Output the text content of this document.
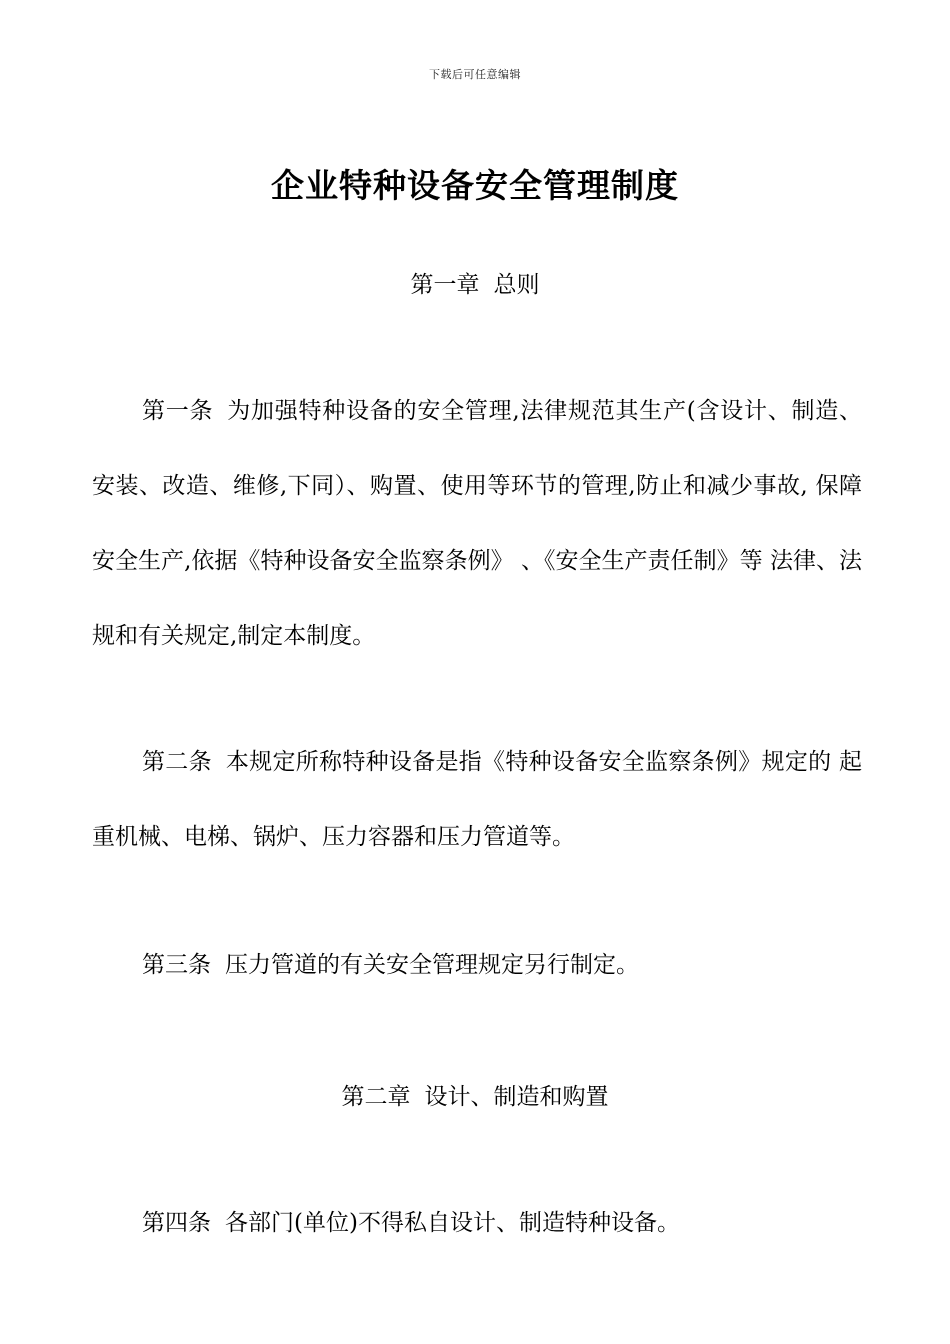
下载后可任意编辑
企业特种设备安全管理制度
第一章 总则
第一条 为加强特种设备的安全管理,法律规范其生产(含设计、制造、 安装、改造、维修,下同）、购置、使用等环节的管理,防止和减少事故, 保障安全生产,依据《特种设备安全监察条例》 、《安全生产责任制》等 法律、法规和有关规定,制定本制度。
第二条 本规定所称特种设备是指《特种设备安全监察条例》规定的 起重机械、电梯、锅炉、压力容器和压力管道等。
第三条 压力管道的有关安全管理规定另行制定。
第二章 设计、制造和购置
第四条 各部门(单位)不得私自设计、制造特种设备。
